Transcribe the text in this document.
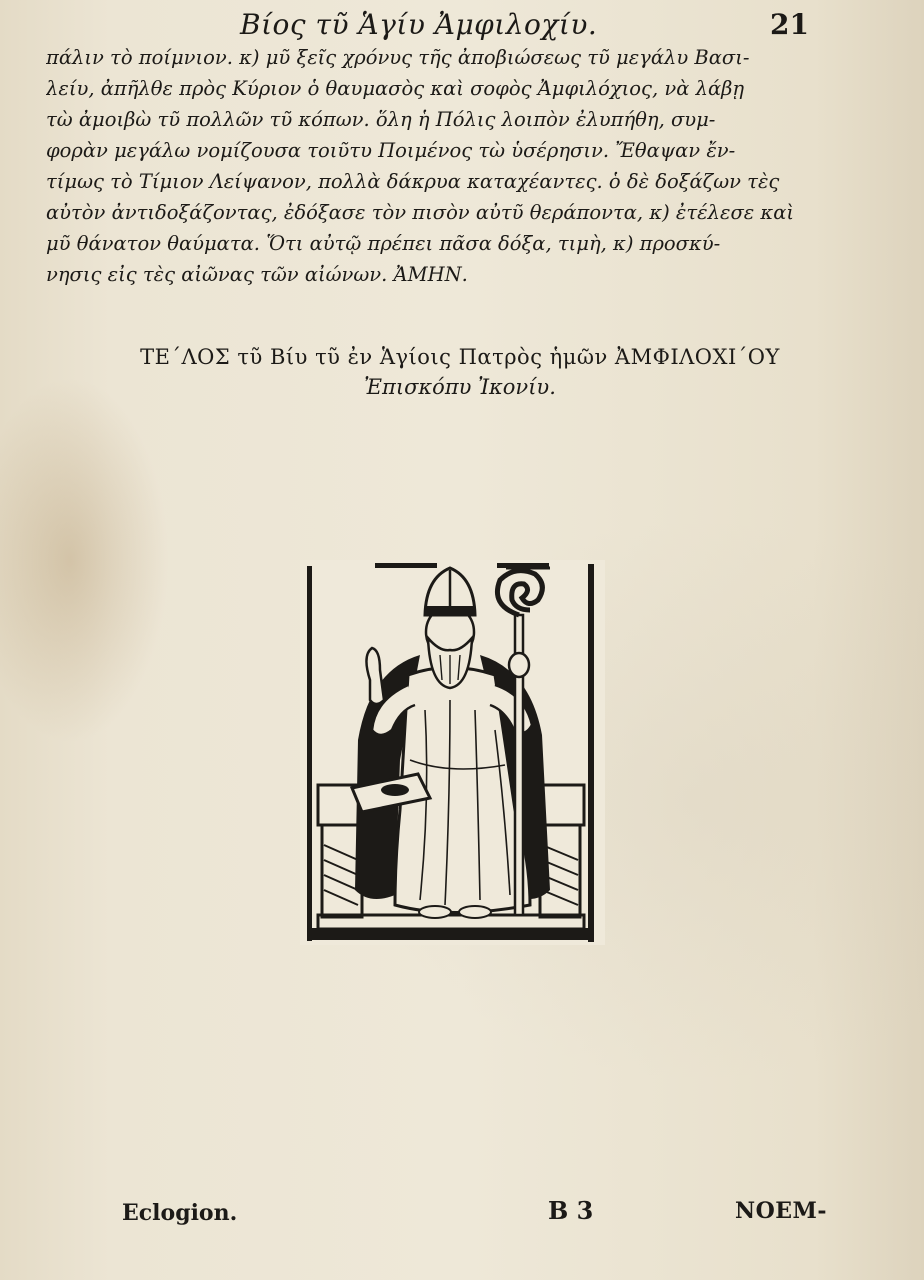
Βίος τῦ Ἁγίυ Ἀμφιλοχίυ.	21
πάλιν τὸ ποίμνιον. κ) μῦ ξεῖς χρόνυς τῆς ἀποβιώσεως τῦ μεγάλυ Βασι-
λείυ, ἀπῆλθε πρὸς Κύριον ὁ θαυμασὸς καὶ σοφὸς Ἀμφιλόχιος, νὰ λάβῃ
τὼ ἀμοιβὼ τῦ πολλῶν τῦ κόπων. ὅλη ἡ Πόλις λοιπὸν ἐλυπήθη, συμ-
φορὰν μεγάλω νομίζουσα τοιῦτυ Ποιμένος τὼ ὑσέρησιν. Ἔθαψαν ἔν-
τίμως τὸ Τίμιον Λείψανον, πολλὰ δάκρυα καταχέαντες. ὁ δὲ δοξάζων τὲς
αὐτὸν ἀντιδοξάζοντας, ἐδόξασε τὸν πισὸν αὐτῦ θεράποντα, κ) ἐτέλεσε καὶ
μῦ θάνατον θαύματα. Ὅτι αὐτῷ πρέπει πᾶσα δόξα, τιμὴ, κ) προσκύ-
νησις εἰς τὲς αἰῶνας τῶν αἰώνων. ἈΜΗΝ.
ΤΕ´ΛΟΣ τῦ Βίυ τῦ ἐν Ἁγίοις Πατρὸς ἡμῶν ἈΜΦΙΛΟΧΙ´ΟΥ
Ἐπισκόπυ Ἰκονίυ.
Eclogion.	B 3	NOEM-
